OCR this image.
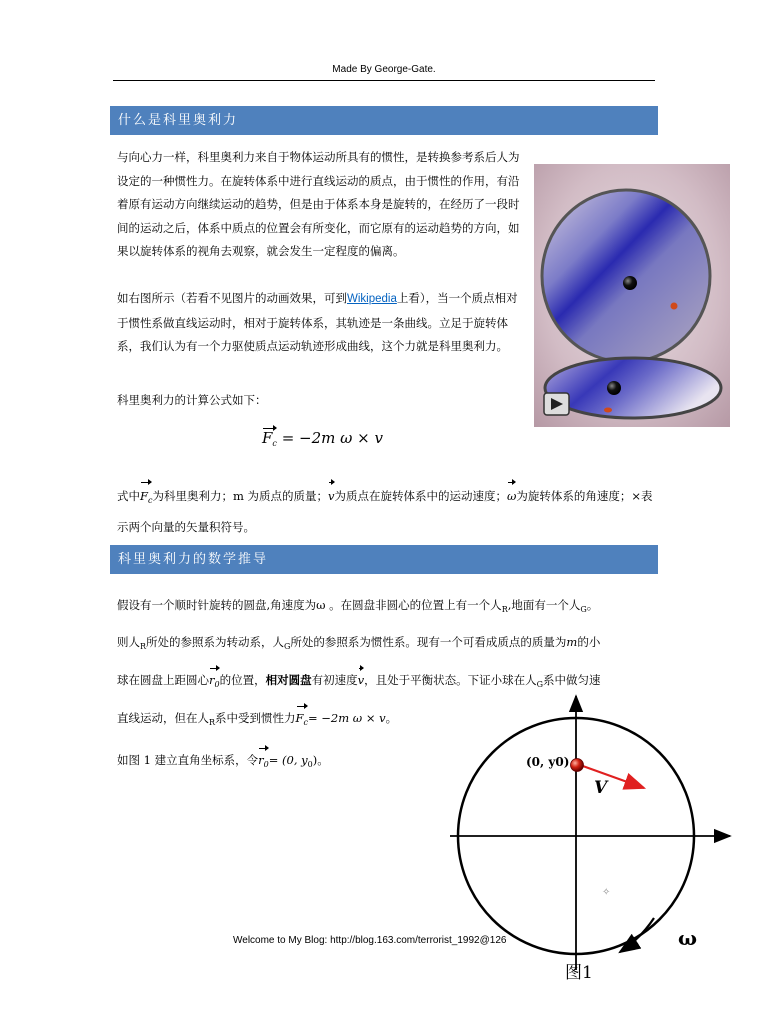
Made By George-Gate.
什么是科里奥利力

与向心力一样，科里奥利力来自于物体运动所具有的惯性，是转换参考系后人为设定的一种惯性力。在旋转体系中进行直线运动的质点，由于惯性的作用，有沿着原有运动方向继续运动的趋势，但是由于体系本身是旋转的，在经历了一段时间的运动之后，体系中质点的位置会有所变化，而它原有的运动趋势的方向，如果以旋转体系的视角去观察，就会发生一定程度的偏离。

如右图所示（若看不见图片的动画效果，可到Wikipedia上看），当一个质点相对于惯性系做直线运动时，相对于旋转体系，其轨迹是一条曲线。立足于旋转体系，我们认为有一个力驱使质点运动轨迹形成曲线，这个力就是科里奥利力。

科里奥利力的计算公式如下：
$F_c = -2m$ ω × v
式中$F_c$为科里奥利力；m 为质点的质量；v为质点在旋转体系中的运动速度；ω为旋转体系的角速度；×表示两个向量的矢量积符号。
科里奥利力的数学推导
假设有一个顺时针旋转的圆盘,角速度为ω 。在圆盘非圆心的位置上有一个人$_R$,地面有一个人$_G$。
则人$_R$所处的参照系为转动系，人$_G$所处的参照系为惯性系。现有一个可看成质点的质量为m的小
球在圆盘上距圆心$r_0$的位置，相对圆盘有初速度v，且处于平衡状态。下证小球在人$_G$系中做匀速
直线运动，但在人$_R$系中受到惯性力$F_c= -2m$ ω × v。
如图 1 建立直角坐标系，令$r_0= (0$, $y_0$)。
✧
(0, y0)
V
ω
图1
Welcome to My Blog: http://blog.163.com/terrorist_1992@126
